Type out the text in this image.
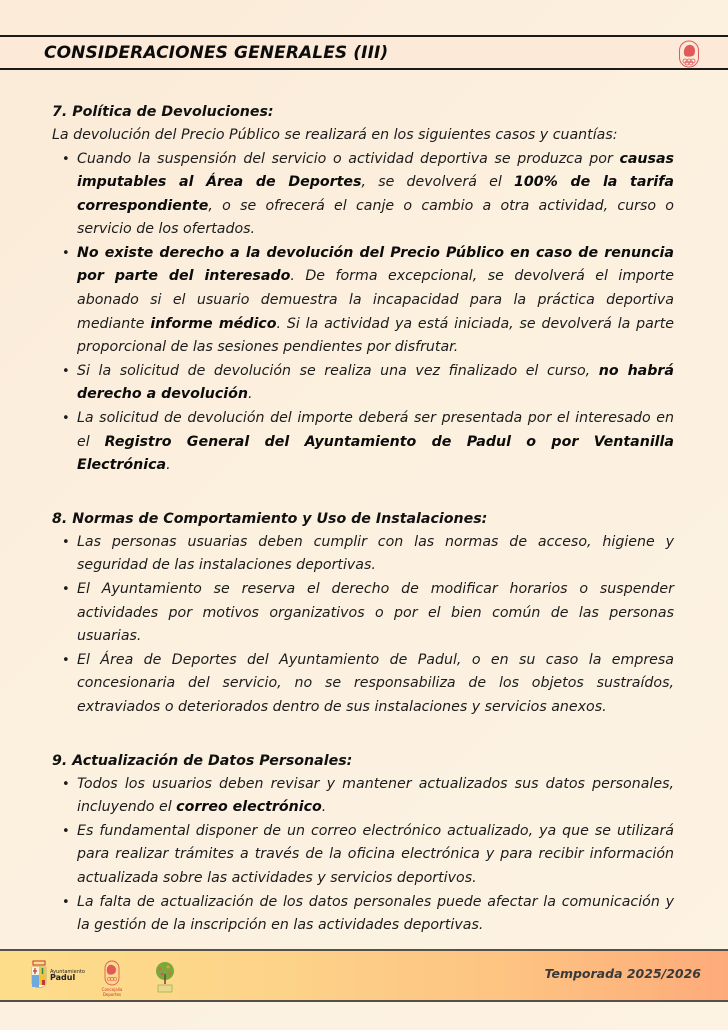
CONSIDERACIONES GENERALES (III)
7. Política de Devoluciones:

La devolución del Precio Público se realizará en los siguientes casos y cuantías:

• Cuando la suspensión del servicio o actividad deportiva se produzca por causas imputables al Área de Deportes, se devolverá el 100% de la tarifa correspondiente, o se ofrecerá el canje o cambio a otra actividad, curso o servicio de los ofertados.
• No existe derecho a la devolución del Precio Público en caso de renuncia por parte del interesado. De forma excepcional, se devolverá el importe abonado si el usuario demuestra la incapacidad para la práctica deportiva mediante informe médico. Si la actividad ya está iniciada, se devolverá la parte proporcional de las sesiones pendientes por disfrutar.
• Si la solicitud de devolución se realiza una vez finalizado el curso, no habrá derecho a devolución.
• La solicitud de devolución del importe deberá ser presentada por el interesado en el Registro General del Ayuntamiento de Padul o por Ventanilla Electrónica.
8. Normas de Comportamiento y Uso de Instalaciones:
• Las personas usuarias deben cumplir con las normas de acceso, higiene y seguridad de las instalaciones deportivas.
• El Ayuntamiento se reserva el derecho de modificar horarios o suspender actividades por motivos organizativos o por el bien común de las personas usuarias.
• El Área de Deportes del Ayuntamiento de Padul, o en su caso la empresa concesionaria del servicio, no se responsabiliza de los objetos sustraídos, extraviados o deteriorados dentro de sus instalaciones y servicios anexos.
9. Actualización de Datos Personales:
• Todos los usuarios deben revisar y mantener actualizados sus datos personales, incluyendo el correo electrónico.
• Es fundamental disponer de un correo electrónico actualizado, ya que se utilizará para realizar trámites a través de la oficina electrónica y para recibir información actualizada sobre las actividades y servicios deportivos.
• La falta de actualización de los datos personales puede afectar la comunicación y la gestión de la inscripción en las actividades deportivas.
Ayuntamiento
Padul
Concejalía Deportes
Temporada 2025/2026
